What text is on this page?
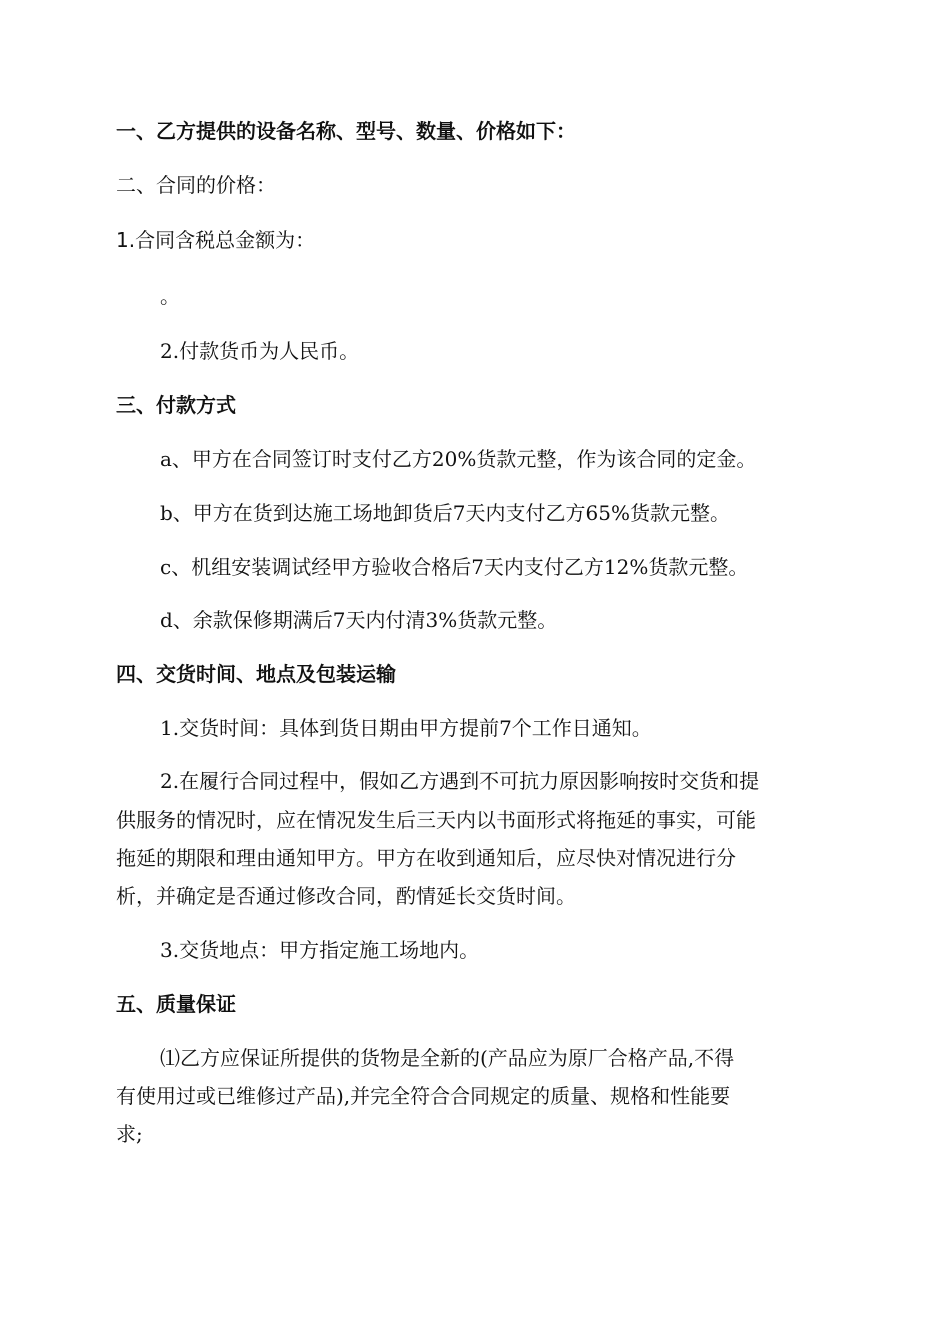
一、乙方提供的设备名称、型号、数量、价格如下：
二、合同的价格：
1.合同含税总金额为：
。
2.付款货币为人民币。
三、付款方式
a、甲方在合同签订时支付乙方20%货款元整，作为该合同的定金。
b、甲方在货到达施工场地卸货后7天内支付乙方65%货款元整。
c、机组安装调试经甲方验收合格后7天内支付乙方12%货款元整。
d、余款保修期满后7天内付清3%货款元整。
四、交货时间、地点及包装运输
1.交货时间：具体到货日期由甲方提前7个工作日通知。
2.在履行合同过程中，假如乙方遇到不可抗力原因影响按时交货和提
供服务的情况时，应在情况发生后三天内以书面形式将拖延的事实，可能
拖延的期限和理由通知甲方。甲方在收到通知后，应尽快对情况进行分
析，并确定是否通过修改合同，酌情延长交货时间。
3.交货地点：甲方指定施工场地内。
五、质量保证
⑴乙方应保证所提供的货物是全新的(产品应为原厂合格产品,不得
有使用过或已维修过产品),并完全符合合同规定的质量、规格和性能要
求;
